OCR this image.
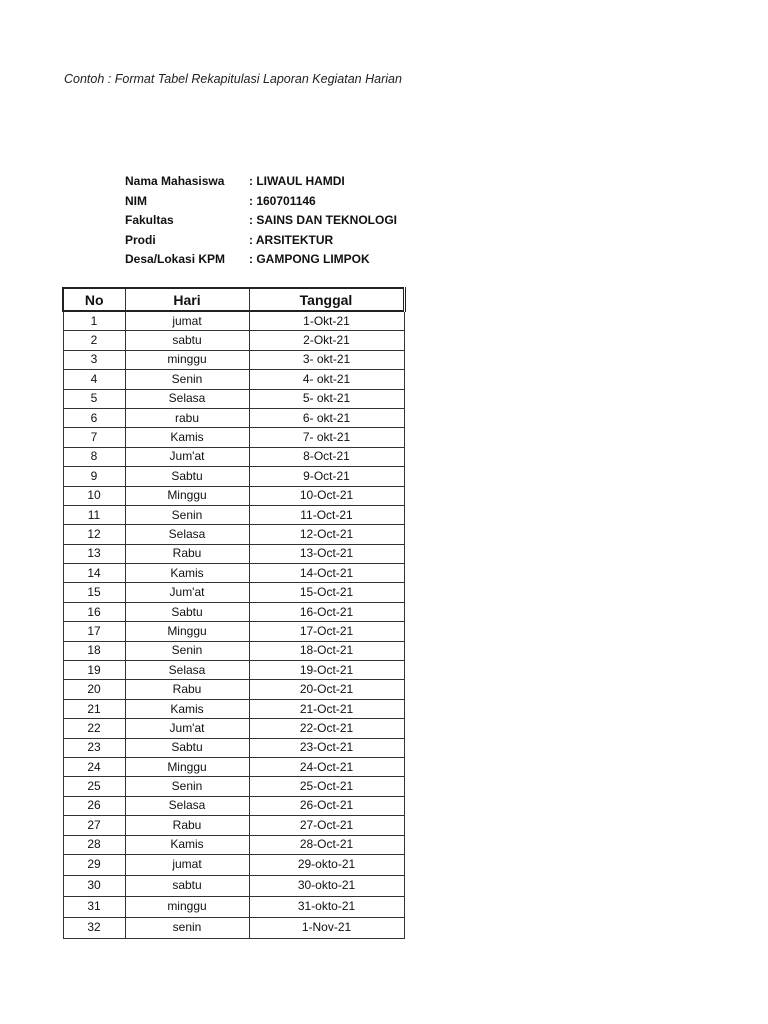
Contoh : Format Tabel Rekapitulasi Laporan Kegiatan Harian
Nama Mahasiswa	: LIWAUL HAMDI
NIM	: 160701146
Fakultas	: SAINS DAN TEKNOLOGI
Prodi	: ARSITEKTUR
Desa/Lokasi KPM	: GAMPONG LIMPOK
No	Hari	Tanggal
1	jumat	1-Okt-21
2	sabtu	2-Okt-21
3	minggu	3- okt-21
4	Senin	4- okt-21
5	Selasa	5- okt-21
6	rabu	6- okt-21
7	Kamis	7- okt-21
8	Jum'at	8-Oct-21
9	Sabtu	9-Oct-21
10	Minggu	10-Oct-21
11	Senin	11-Oct-21
12	Selasa	12-Oct-21
13	Rabu	13-Oct-21
14	Kamis	14-Oct-21
15	Jum'at	15-Oct-21
16	Sabtu	16-Oct-21
17	Minggu	17-Oct-21
18	Senin	18-Oct-21
19	Selasa	19-Oct-21
20	Rabu	20-Oct-21
21	Kamis	21-Oct-21
22	Jum'at	22-Oct-21
23	Sabtu	23-Oct-21
24	Minggu	24-Oct-21
25	Senin	25-Oct-21
26	Selasa	26-Oct-21
27	Rabu	27-Oct-21
28	Kamis	28-Oct-21
29	jumat	29-okto-21
30	sabtu	30-okto-21
31	minggu	31-okto-21
32	senin	1-Nov-21
